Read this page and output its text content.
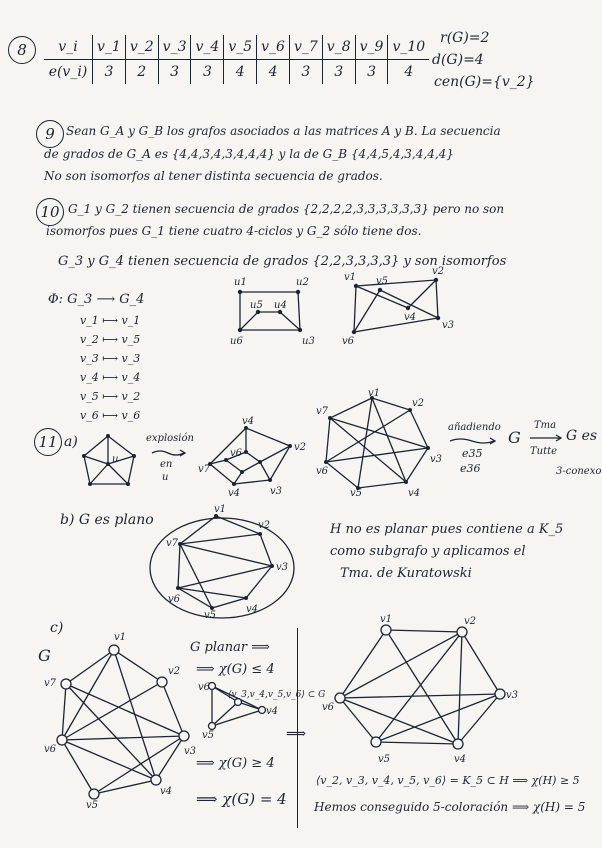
8	v_i	v_1	v_2	v_3	v_4	v_5	v_6	v_7	v_8	v_9	v_10
e(v_i)	3	2	3	3	4	4	3	3	3	4
r(G)=2
d(G)=4
cen(G)={v_2}
9 Sean G_A y G_B los grafos asociados a las matrices A y B. La secuencia
de grados de G_A es {4,4,3,4,3,4,4,4} y la de G_B {4,4,5,4,3,4,4,4}
No son isomorfos al tener distinta secuencia de grados.
10 G_1 y G_2 tienen secuencia de grados {2,2,2,2,3,3,3,3,3,3} pero no son
isomorfos pues G_1 tiene cuatro 4-ciclos y G_2 sólo tiene dos.
G_3 y G_4 tienen secuencia de grados {2,2,3,3,3,3} y son isomorfos
Φ: G_3 ⟶ G_4
v_1 ⟼ v_1
v_2 ⟼ v_5
v_3 ⟼ v_3
v_4 ⟼ v_4
v_5 ⟼ v_2
v_6 ⟼ v_6
u1	u2
u6	u3
u5 u4
v1
v2
v6
v3
v4
v5
11 a)
u
explosión
en
u
v4
v2
v7
v4	v3
v6
v1
v2
v3
v4
v5
v6
v7
añadiendo
e35
e36
G
Tma
Tutte
G es
3-conexo
b) G es plano
v1
v2
v3
v4
v5
v6
v7
H no es planar pues contiene a K_5
como subgrafo y aplicamos el
Tma. de Kuratowski
c)
G
v1
v2
v3
v4
v5
v6
v7
G planar ⟹
⟹ χ(G) ≤ 4
v6
v4
v5
⟨v_3,v_4,v_5,v_6⟩ ⊂ G
⟹ χ(G) ≥ 4
⟹ χ(G) = 4
⟹
v1	v2
v3
v4
v5
v6
⟨v_2, v_3, v_4, v_5, v_6⟩ = K_5 ⊂ H ⟹ χ(H) ≥ 5
Hemos conseguido 5-coloración ⟹ χ(H) = 5
